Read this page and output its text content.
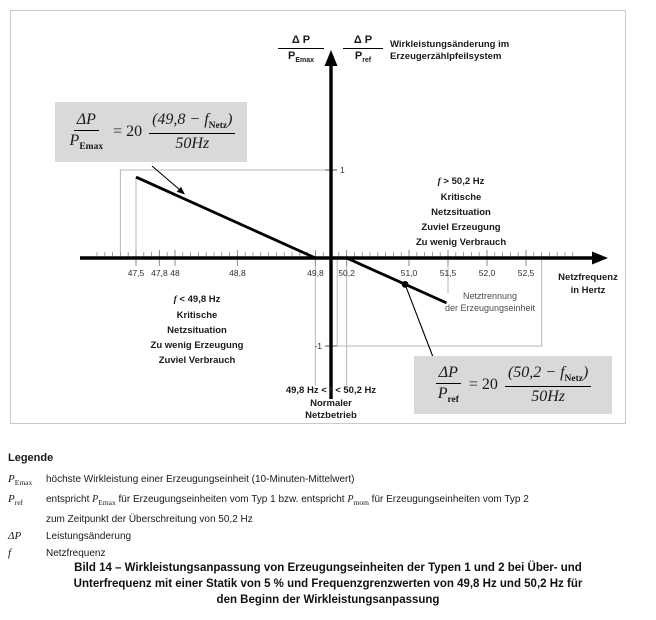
47,5 47,8 48	48,8	49,8 50,2	51,0	51,5	52,0	52,5
1
-1
Δ P
$P_{Emax}$
Δ P
$P_{ref}$
Wirkleistungsänderung im
Erzeugerzählpfeilsystem
$\frac{\Delta P}{P_{Emax}} = 20 \frac{(49,8 - f_{Netz})}{50Hz}$
$\frac{\Delta P}{P_{ref}} = 20 \frac{(50,2 - f_{Netz})}{50Hz}$
f > 50,2 Hz
Kritische
Netzsituation
Zuviel Erzeugung
Zu wenig Verbrauch
f < 49,8 Hz
Kritische
Netzsituation
Zu wenig Erzeugung
Zuviel Verbrauch
49,8 Hz < f < 50,2 Hz
Normaler
Netzbetrieb
Netztrennung
der Erzeugungseinheit
Netzfrequenz
in Hertz
Legende
$P_{Emax}$	höchste Wirkleistung einer Erzeugungseinheit (10-Minuten-Mittelwert)
$P_{ref}$	entspricht $P_{Emax}$ für Erzeugungseinheiten vom Typ 1 bzw. entspricht $P_{mom}$ für Erzeugungseinheiten vom Typ 2
zum Zeitpunkt der Überschreitung von 50,2 Hz
ΔP	Leistungsänderung
f	Netzfrequenz
Bild 14 – Wirkleistungsanpassung von Erzeugungseinheiten der Typen 1 und 2 bei Über- und
Unterfrequenz mit einer Statik von 5 % und Frequenzgrenzwerten von 49,8 Hz und 50,2 Hz für
den Beginn der Wirkleistungsanpassung
